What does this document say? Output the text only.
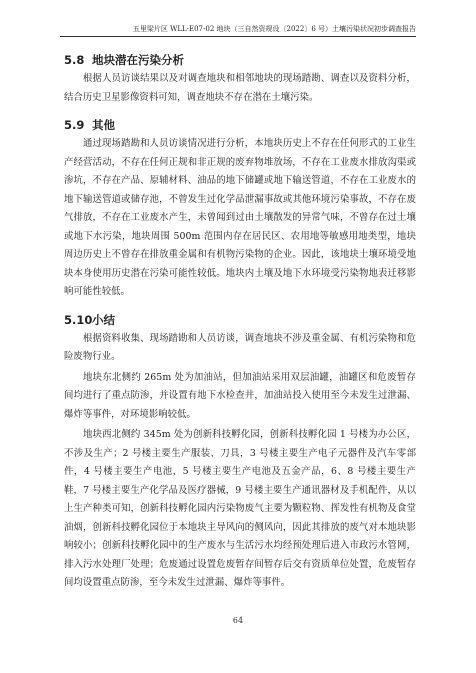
五里梁片区 WLL-E07-02 地块（三自然资规设〔2022〕6 号）土壤污染状况初步调查报告
5.8 地块潜在污染分析

根据人员访谈结果以及对调查地块和相邻地块的现场踏勘、调查以及资料分析，结合历史卫星影像资料可知，调查地块不存在潜在土壤污染。

5.9 其他

通过现场踏勘和人员访谈情况进行分析，本地块历史上不存在任何形式的工业生产经营活动，不存在任何正规和非正规的废弃物堆放场，不存在工业废水排放沟渠或渗坑，不存在产品、原辅材料、油品的地下储罐或地下输送管道，不存在工业废水的地下输送管道或储存池，不曾发生过化学品泄漏事故或其他环境污染事故，不存在废气排放，不存在工业废水产生，未曾闻到过由土壤散发的异常气味，不曾存在过土壤或地下水污染，地块周围 500m 范围内存在居民区、农用地等敏感用地类型，地块周边历史上不曾存在排放重金属和有机物污染物的企业。因此，该地块土壤环境受地块本身使用历史潜在污染可能性较低。地块内土壤及地下水环境受污染物地表迁移影响可能性较低。

5.10小结

根据资料收集、现场踏勘和人员访谈，调查地块不涉及重金属、有机污染物和危险废物行业。

地块东北侧约 265m 处为加油站，但加油站采用双层油罐，油罐区和危废暂存间均进行了重点防渗，并设置有地下水检查井，加油站投入使用至今未发生过泄漏、爆炸等事件，对环境影响较低。

地块西北侧约 345m 处为创新科技孵化园，创新科技孵化园 1 号楼为办公区，不涉及生产；2 号楼主要生产服装、刀具，3 号楼主要生产电子元器件及汽车零部件，4 号楼主要生产电池，5 号楼主要生产电池及五金产品，6、8 号楼主要生产鞋，7 号楼主要生产化学品及医疗器械，9 号楼主要生产通讯器材及手机配件，从以上生产种类可知，创新科技孵化园内污染物废气主要为颗粒物、挥发性有机物及食堂油烟，创新科技孵化园位于本地块主导风向的侧风向，因此其排放的废气对本地块影响较小；创新科技孵化园中的生产废水与生活污水均经预处理后进入市政污水管网，排入污水处理厂处理；危废通过设置危废暂存间暂存后交有资质单位处置，危废暂存间均设置重点防渗，至今未发生过泄漏、爆炸等事件。

64
